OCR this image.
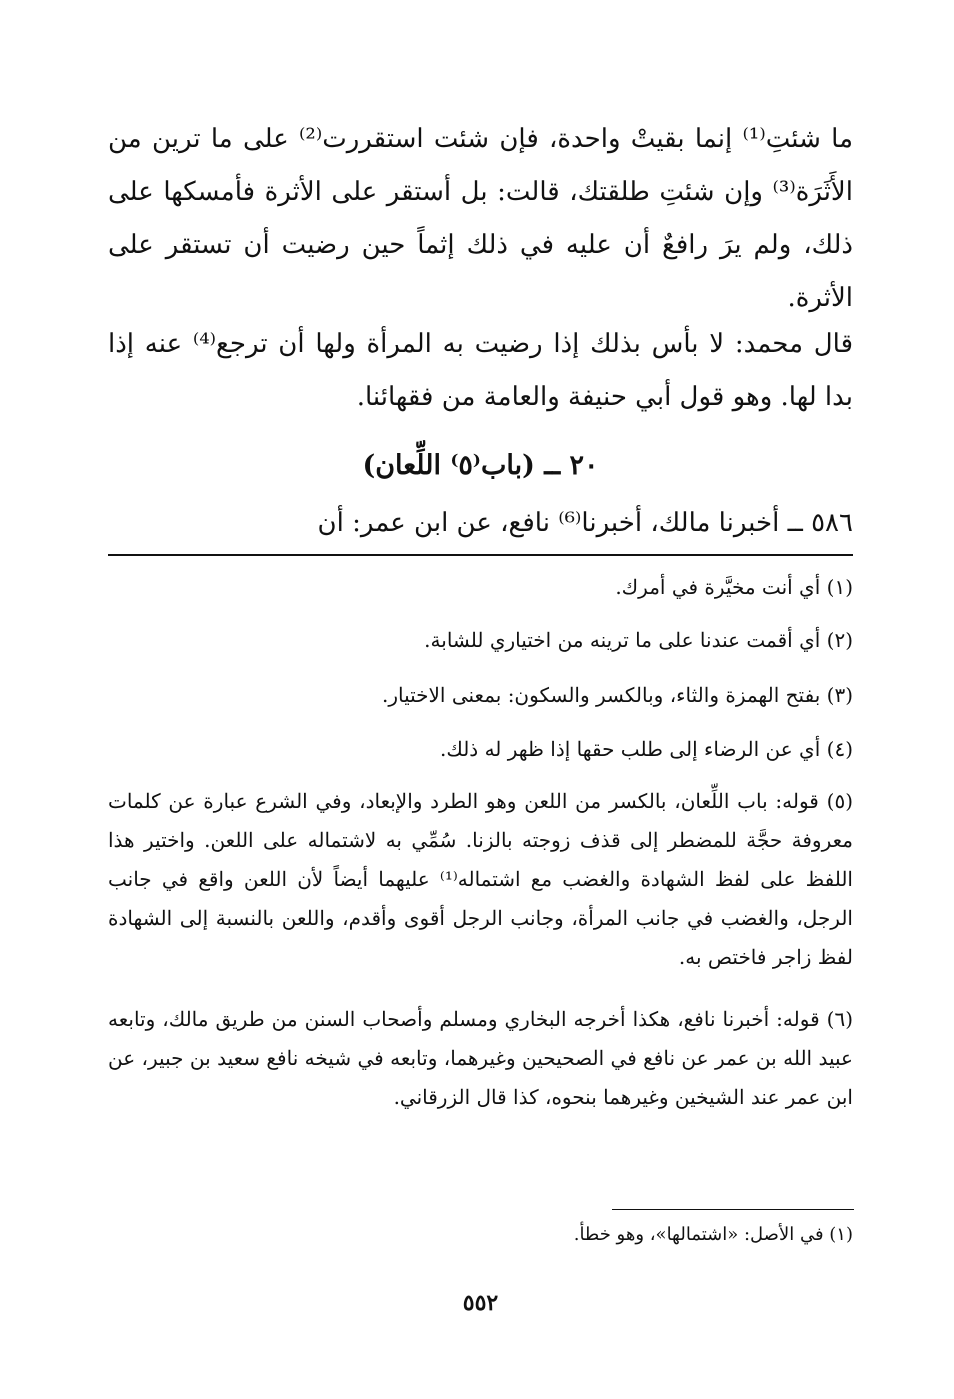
ما شئتِ⁽¹⁾ إنما بقيتْ واحدة، فإن شئت استقررت⁽²⁾ على ما ترين من الأَثَرَة⁽³⁾ وإن شئتِ طلقتك، قالت: بل أستقر على الأثرة فأمسكها على ذلك، ولم يرَ رافعٌ أن عليه في ذلك إثماً حين رضيت أن تستقر على الأثرة.

قال محمد: لا بأس بذلك إذا رضيت به المرأة ولها أن ترجع⁽⁴⁾ عنه إذا بدا لها. وهو قول أبي حنيفة والعامة من فقهائنا.

٢٠ ــ (باب⁽٥⁾ اللِّعان)

٥٨٦ ــ أخبرنا مالك، أخبرنا⁽⁶⁾ نافع، عن ابن عمر: أن

(١) أي أنت مخيَّرة في أمرك.

(٢) أي أقمت عندنا على ما ترينه من اختياري للشابة.

(٣) بفتح الهمزة والثاء، وبالكسر والسكون: بمعنى الاختيار.

(٤) أي عن الرضاء إلى طلب حقها إذا ظهر له ذلك.

(٥) قوله: باب اللِّعان، بالكسر من اللعن وهو الطرد والإبعاد، وفي الشرع عبارة عن كلمات معروفة حجَّة للمضطر إلى قذف زوجته بالزنا. سُمِّي به لاشتماله على اللعن. واختير هذا اللفظ على لفظ الشهادة والغضب مع اشتماله⁽¹⁾ عليهما أيضاً لأن اللعن واقع في جانب الرجل، والغضب في جانب المرأة، وجانب الرجل أقوى وأقدم، واللعن بالنسبة إلى الشهادة لفظ زاجر فاختص به.

(٦) قوله: أخبرنا نافع، هكذا أخرجه البخاري ومسلم وأصحاب السنن من طريق مالك، وتابعه عبيد الله بن عمر عن نافع في الصحيحين وغيرهما، وتابعه في شيخه نافع سعيد بن جبير، عن ابن عمر عند الشيخين وغيرهما بنحوه، كذا قال الزرقاني.

(١) في الأصل: «اشتمالها»، وهو خطأ.

٥٥٢
